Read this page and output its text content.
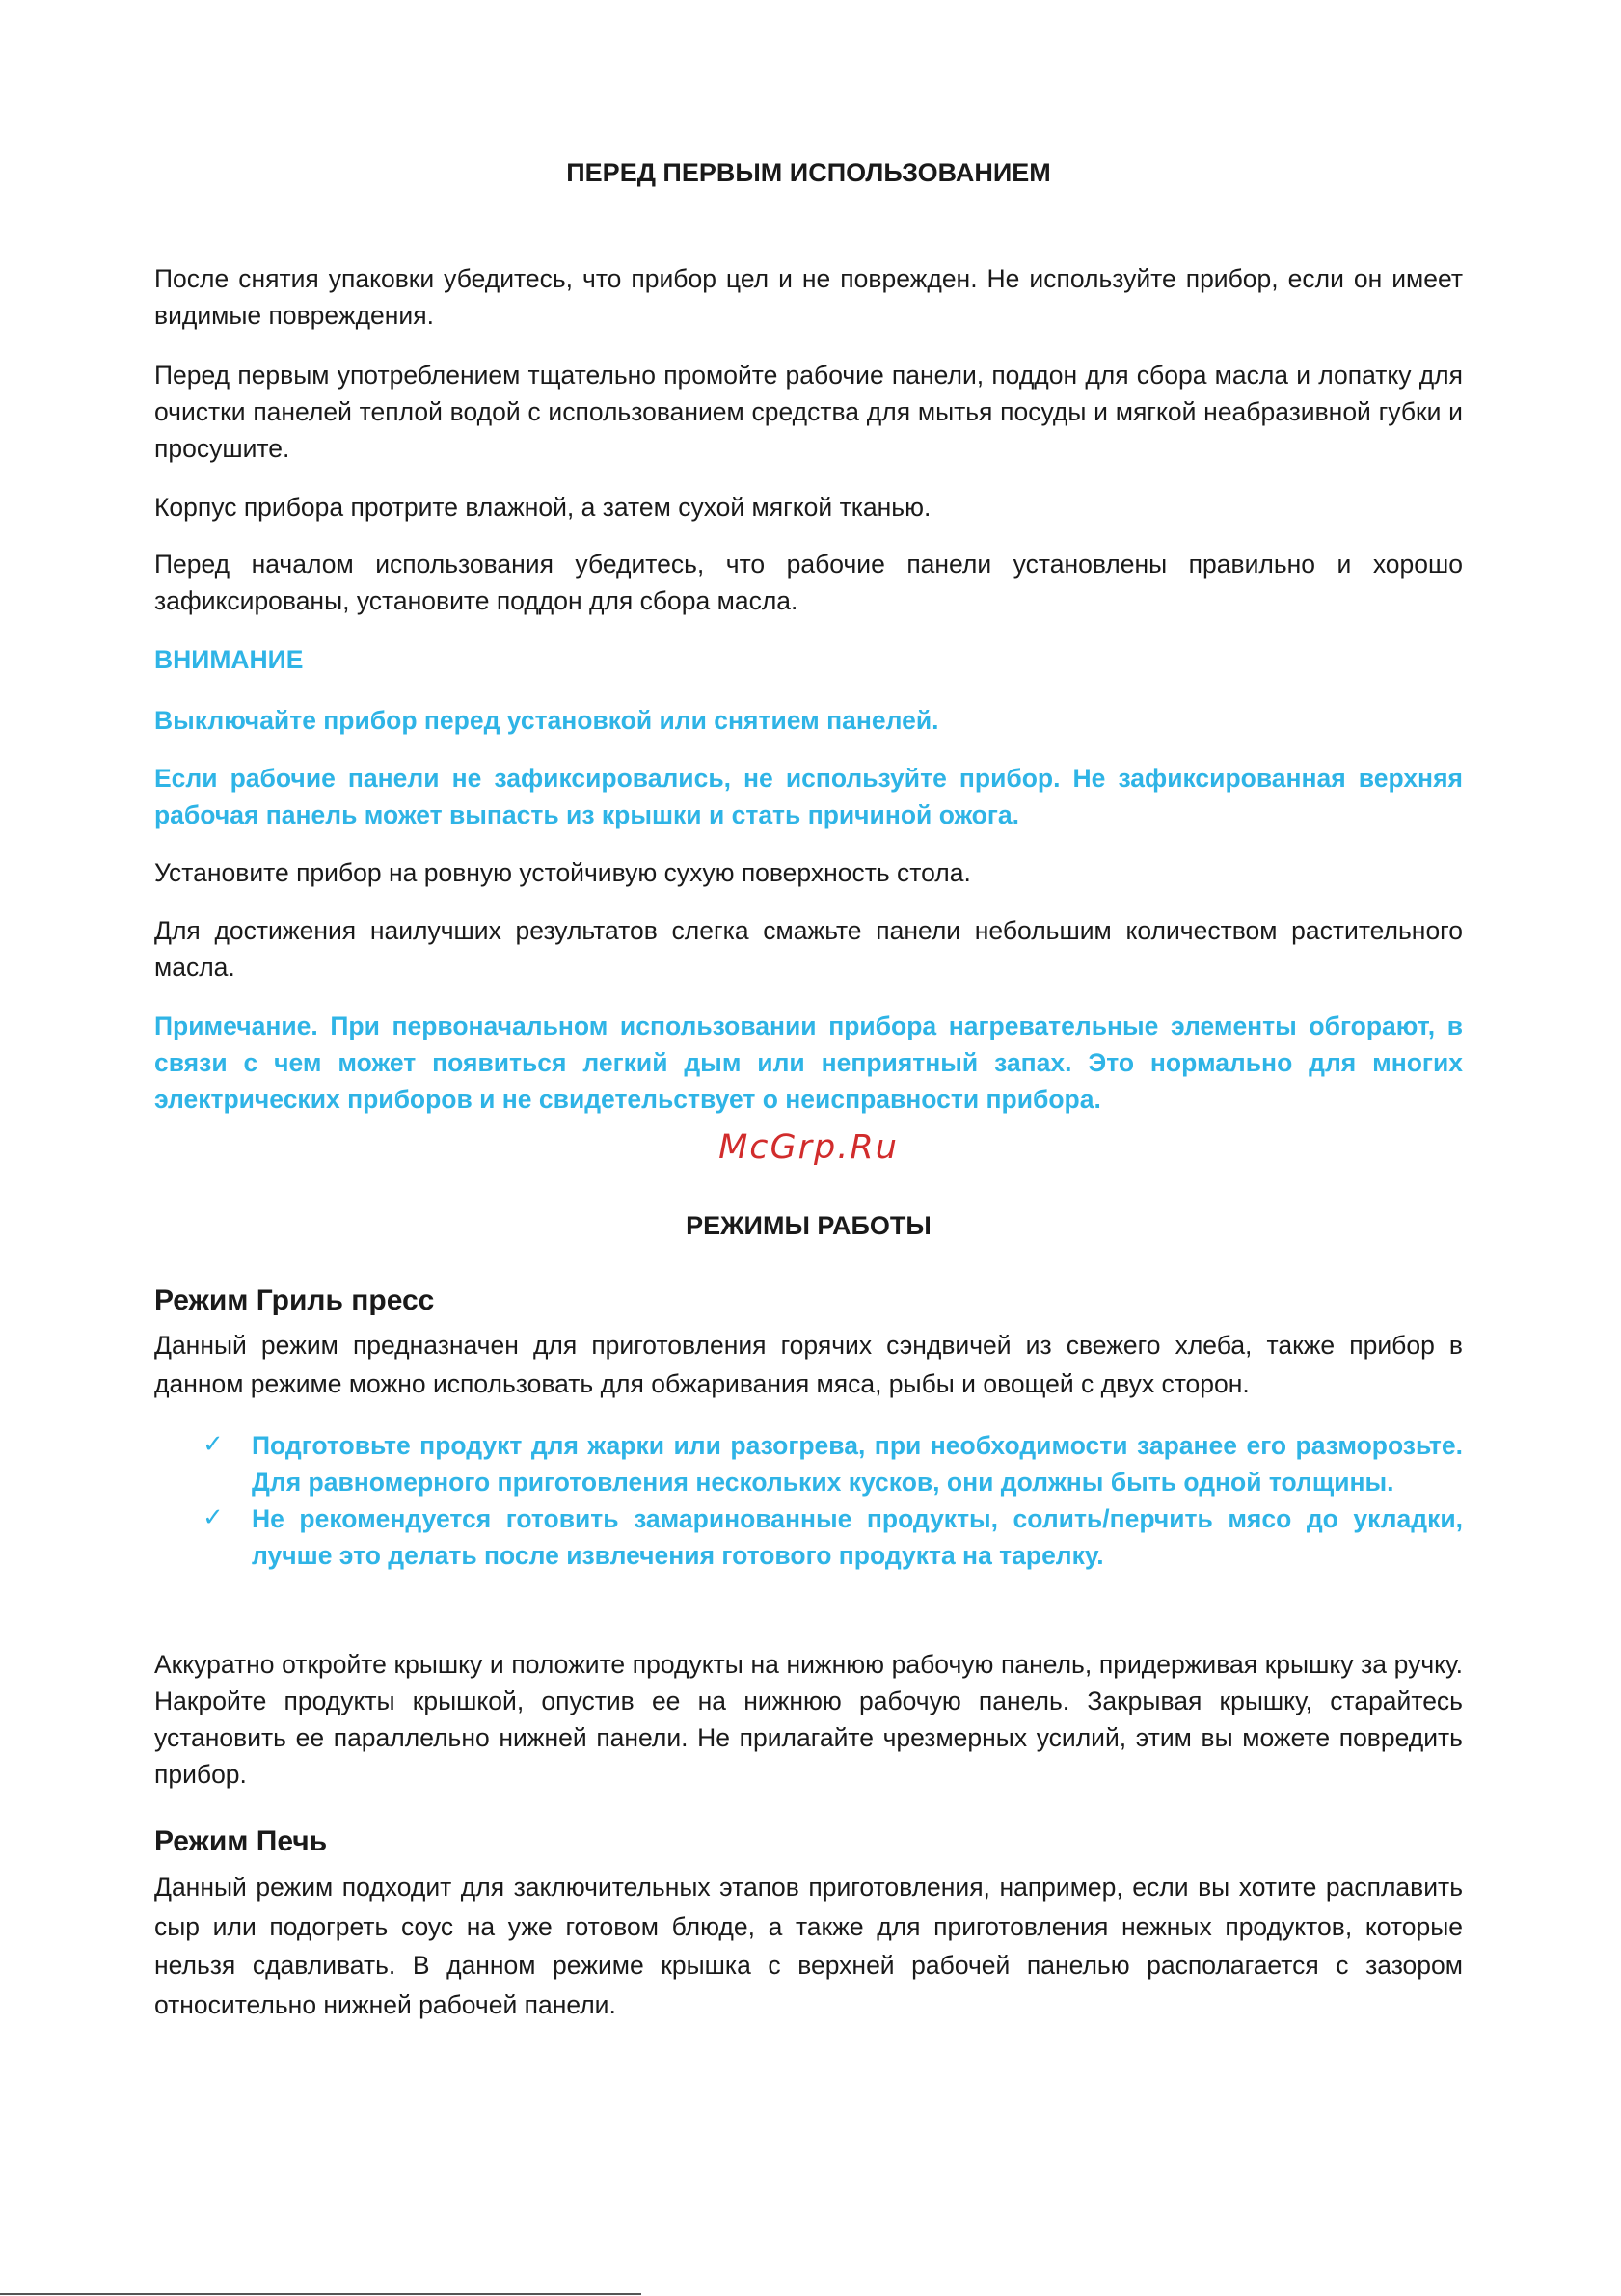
ПЕРЕД ПЕРВЫМ ИСПОЛЬЗОВАНИЕМ

После снятия упаковки убедитесь, что прибор цел и не поврежден. Не используйте прибор, если он имеет видимые повреждения.

Перед первым употреблением тщательно промойте рабочие панели, поддон для сбора масла и лопатку для очистки панелей теплой водой с использованием средства для мытья посуды и мягкой неабразивной губки и просушите.

Корпус прибора протрите влажной, а затем сухой мягкой тканью.

Перед началом использования убедитесь, что рабочие панели установлены правильно и хорошо зафиксированы, установите поддон для сбора масла.

ВНИМАНИЕ

Выключайте прибор перед установкой или снятием панелей.

Если рабочие панели не зафиксировались, не используйте прибор. Не зафиксированная верхняя рабочая панель может выпасть из крышки и стать причиной ожога.

Установите прибор на ровную устойчивую сухую поверхность стола.

Для достижения наилучших результатов слегка смажьте панели небольшим количеством растительного масла.

Примечание. При первоначальном использовании прибора нагревательные элементы обгорают, в связи с чем может появиться легкий дым или неприятный запах. Это нормально для многих электрических приборов и не свидетельствует о неисправности прибора.

McGrp.Ru
РЕЖИМЫ РАБОТЫ
Режим Гриль пресс

Данный режим предназначен для приготовления горячих сэндвичей из свежего хлеба, также прибор в данном режиме можно использовать для обжаривания мяса, рыбы и овощей с двух сторон.

✓ Подготовьте продукт для жарки или разогрева, при необходимости заранее его разморозьте. Для равномерного приготовления нескольких кусков, они должны быть одной толщины.
✓ Не рекомендуется готовить замаринованные продукты, солить/перчить мясо до укладки, лучше это делать после извлечения готового продукта на тарелку.

Аккуратно откройте крышку и положите продукты на нижнюю рабочую панель, придерживая крышку за ручку. Накройте продукты крышкой, опустив ее на нижнюю рабочую панель. Закрывая крышку, старайтесь установить ее параллельно нижней панели. Не прилагайте чрезмерных усилий, этим вы можете повредить прибор.

Режим Печь

Данный режим подходит для заключительных этапов приготовления, например, если вы хотите расплавить сыр или подогреть соус на уже готовом блюде, а также для приготовления нежных продуктов, которые нельзя сдавливать. В данном режиме крышка с верхней рабочей панелью располагается с зазором относительно нижней рабочей панели.
